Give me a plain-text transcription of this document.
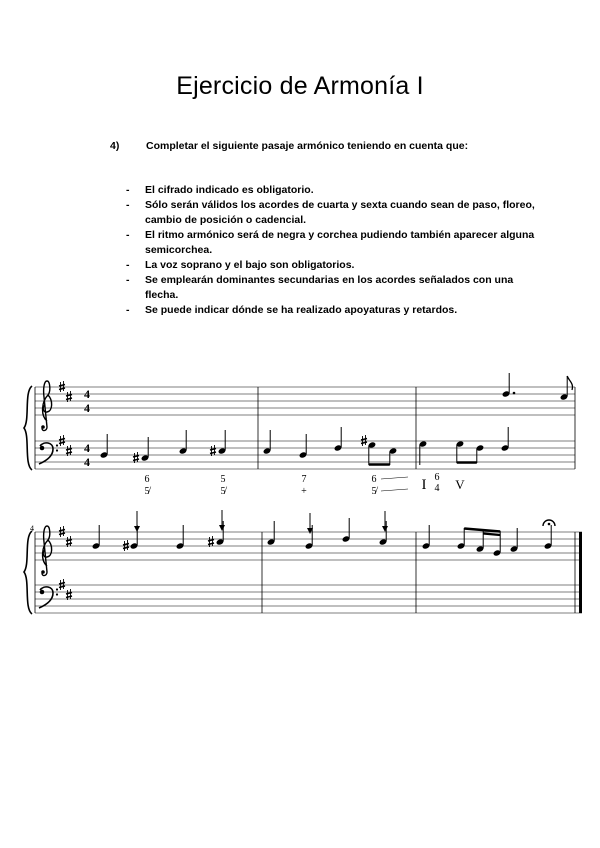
Ejercicio de Armonía I
4)	Completar el siguiente pasaje armónico teniendo en cuenta que:
- El cifrado indicado es obligatorio.
- Sólo serán válidos los acordes de cuarta y sexta cuando sean de paso, floreo, cambio de posición o cadencial.
- El ritmo armónico será de negra y corchea pudiendo también aparecer alguna semicorchea.
- La voz soprano y el bajo son obligatorios.
- Se emplearán dominantes secundarias en los acordes señalados con una flecha.
- Se puede indicar dónde se ha realizado apoyaturas y retardos.
4
4
4
4
6
5̸
5
5̸
7
+
6
5̸	I 6
4 V
4
